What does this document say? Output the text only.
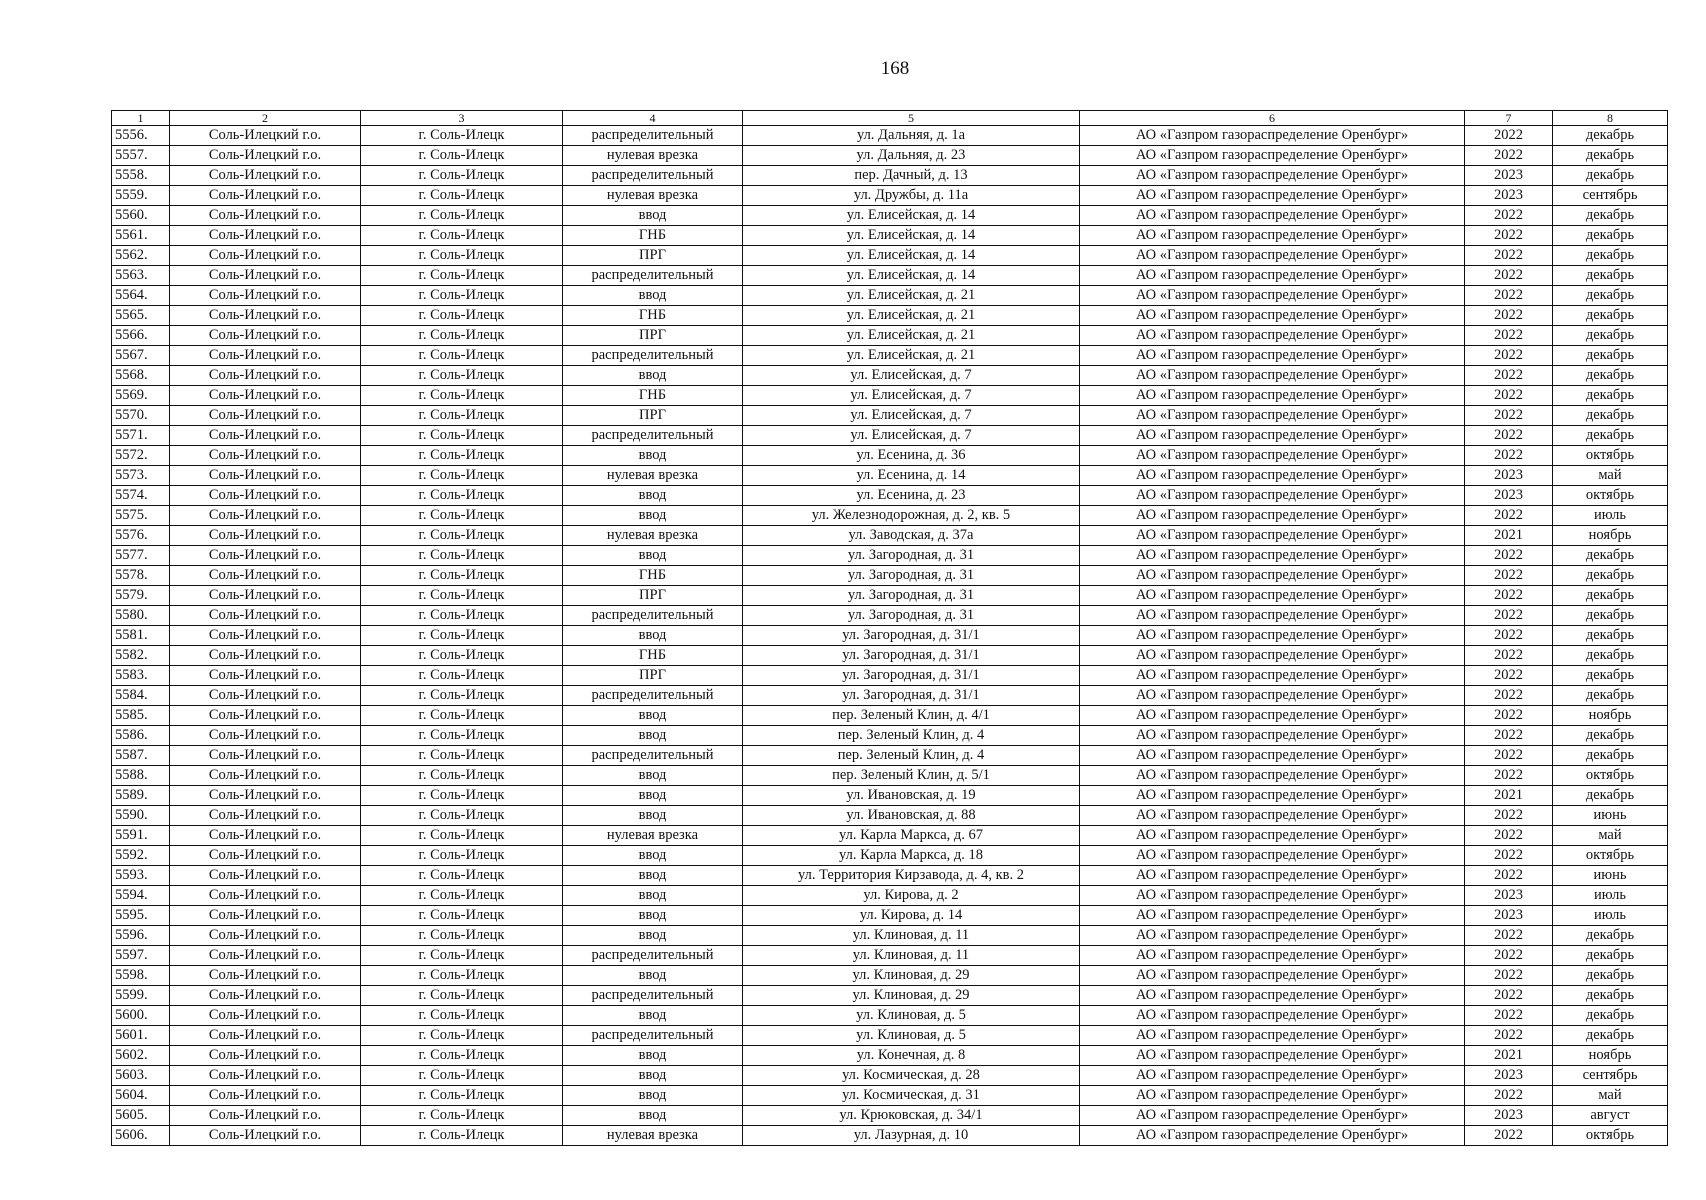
168
1	2	3	4	5	6	7	8
5556.	Соль-Илецкий г.о.	г. Соль-Илецк	распределительный	ул. Дальняя, д. 1а	АО «Газпром газораспределение Оренбург»	2022	декабрь
5557.	Соль-Илецкий г.о.	г. Соль-Илецк	нулевая врезка	ул. Дальняя, д. 23	АО «Газпром газораспределение Оренбург»	2022	декабрь
5558.	Соль-Илецкий г.о.	г. Соль-Илецк	распределительный	пер. Дачный, д. 13	АО «Газпром газораспределение Оренбург»	2023	декабрь
5559.	Соль-Илецкий г.о.	г. Соль-Илецк	нулевая врезка	ул. Дружбы, д. 11а	АО «Газпром газораспределение Оренбург»	2023	сентябрь
5560.	Соль-Илецкий г.о.	г. Соль-Илецк	ввод	ул. Елисейская, д. 14	АО «Газпром газораспределение Оренбург»	2022	декабрь
5561.	Соль-Илецкий г.о.	г. Соль-Илецк	ГНБ	ул. Елисейская, д. 14	АО «Газпром газораспределение Оренбург»	2022	декабрь
5562.	Соль-Илецкий г.о.	г. Соль-Илецк	ПРГ	ул. Елисейская, д. 14	АО «Газпром газораспределение Оренбург»	2022	декабрь
5563.	Соль-Илецкий г.о.	г. Соль-Илецк	распределительный	ул. Елисейская, д. 14	АО «Газпром газораспределение Оренбург»	2022	декабрь
5564.	Соль-Илецкий г.о.	г. Соль-Илецк	ввод	ул. Елисейская, д. 21	АО «Газпром газораспределение Оренбург»	2022	декабрь
5565.	Соль-Илецкий г.о.	г. Соль-Илецк	ГНБ	ул. Елисейская, д. 21	АО «Газпром газораспределение Оренбург»	2022	декабрь
5566.	Соль-Илецкий г.о.	г. Соль-Илецк	ПРГ	ул. Елисейская, д. 21	АО «Газпром газораспределение Оренбург»	2022	декабрь
5567.	Соль-Илецкий г.о.	г. Соль-Илецк	распределительный	ул. Елисейская, д. 21	АО «Газпром газораспределение Оренбург»	2022	декабрь
5568.	Соль-Илецкий г.о.	г. Соль-Илецк	ввод	ул. Елисейская, д. 7	АО «Газпром газораспределение Оренбург»	2022	декабрь
5569.	Соль-Илецкий г.о.	г. Соль-Илецк	ГНБ	ул. Елисейская, д. 7	АО «Газпром газораспределение Оренбург»	2022	декабрь
5570.	Соль-Илецкий г.о.	г. Соль-Илецк	ПРГ	ул. Елисейская, д. 7	АО «Газпром газораспределение Оренбург»	2022	декабрь
5571.	Соль-Илецкий г.о.	г. Соль-Илецк	распределительный	ул. Елисейская, д. 7	АО «Газпром газораспределение Оренбург»	2022	декабрь
5572.	Соль-Илецкий г.о.	г. Соль-Илецк	ввод	ул. Есенина, д. 36	АО «Газпром газораспределение Оренбург»	2022	октябрь
5573.	Соль-Илецкий г.о.	г. Соль-Илецк	нулевая врезка	ул. Есенина, д. 14	АО «Газпром газораспределение Оренбург»	2023	май
5574.	Соль-Илецкий г.о.	г. Соль-Илецк	ввод	ул. Есенина, д. 23	АО «Газпром газораспределение Оренбург»	2023	октябрь
5575.	Соль-Илецкий г.о.	г. Соль-Илецк	ввод	ул. Железнодорожная, д. 2, кв. 5	АО «Газпром газораспределение Оренбург»	2022	июль
5576.	Соль-Илецкий г.о.	г. Соль-Илецк	нулевая врезка	ул. Заводская, д. 37а	АО «Газпром газораспределение Оренбург»	2021	ноябрь
5577.	Соль-Илецкий г.о.	г. Соль-Илецк	ввод	ул. Загородная, д. 31	АО «Газпром газораспределение Оренбург»	2022	декабрь
5578.	Соль-Илецкий г.о.	г. Соль-Илецк	ГНБ	ул. Загородная, д. 31	АО «Газпром газораспределение Оренбург»	2022	декабрь
5579.	Соль-Илецкий г.о.	г. Соль-Илецк	ПРГ	ул. Загородная, д. 31	АО «Газпром газораспределение Оренбург»	2022	декабрь
5580.	Соль-Илецкий г.о.	г. Соль-Илецк	распределительный	ул. Загородная, д. 31	АО «Газпром газораспределение Оренбург»	2022	декабрь
5581.	Соль-Илецкий г.о.	г. Соль-Илецк	ввод	ул. Загородная, д. 31/1	АО «Газпром газораспределение Оренбург»	2022	декабрь
5582.	Соль-Илецкий г.о.	г. Соль-Илецк	ГНБ	ул. Загородная, д. 31/1	АО «Газпром газораспределение Оренбург»	2022	декабрь
5583.	Соль-Илецкий г.о.	г. Соль-Илецк	ПРГ	ул. Загородная, д. 31/1	АО «Газпром газораспределение Оренбург»	2022	декабрь
5584.	Соль-Илецкий г.о.	г. Соль-Илецк	распределительный	ул. Загородная, д. 31/1	АО «Газпром газораспределение Оренбург»	2022	декабрь
5585.	Соль-Илецкий г.о.	г. Соль-Илецк	ввод	пер. Зеленый Клин, д. 4/1	АО «Газпром газораспределение Оренбург»	2022	ноябрь
5586.	Соль-Илецкий г.о.	г. Соль-Илецк	ввод	пер. Зеленый Клин, д. 4	АО «Газпром газораспределение Оренбург»	2022	декабрь
5587.	Соль-Илецкий г.о.	г. Соль-Илецк	распределительный	пер. Зеленый Клин, д. 4	АО «Газпром газораспределение Оренбург»	2022	декабрь
5588.	Соль-Илецкий г.о.	г. Соль-Илецк	ввод	пер. Зеленый Клин, д. 5/1	АО «Газпром газораспределение Оренбург»	2022	октябрь
5589.	Соль-Илецкий г.о.	г. Соль-Илецк	ввод	ул. Ивановская, д. 19	АО «Газпром газораспределение Оренбург»	2021	декабрь
5590.	Соль-Илецкий г.о.	г. Соль-Илецк	ввод	ул. Ивановская, д. 88	АО «Газпром газораспределение Оренбург»	2022	июнь
5591.	Соль-Илецкий г.о.	г. Соль-Илецк	нулевая врезка	ул. Карла Маркса, д. 67	АО «Газпром газораспределение Оренбург»	2022	май
5592.	Соль-Илецкий г.о.	г. Соль-Илецк	ввод	ул. Карла Маркса, д. 18	АО «Газпром газораспределение Оренбург»	2022	октябрь
5593.	Соль-Илецкий г.о.	г. Соль-Илецк	ввод	ул. Территория Кирзавода, д. 4, кв. 2	АО «Газпром газораспределение Оренбург»	2022	июнь
5594.	Соль-Илецкий г.о.	г. Соль-Илецк	ввод	ул. Кирова, д. 2	АО «Газпром газораспределение Оренбург»	2023	июль
5595.	Соль-Илецкий г.о.	г. Соль-Илецк	ввод	ул. Кирова, д. 14	АО «Газпром газораспределение Оренбург»	2023	июль
5596.	Соль-Илецкий г.о.	г. Соль-Илецк	ввод	ул. Клиновая, д. 11	АО «Газпром газораспределение Оренбург»	2022	декабрь
5597.	Соль-Илецкий г.о.	г. Соль-Илецк	распределительный	ул. Клиновая, д. 11	АО «Газпром газораспределение Оренбург»	2022	декабрь
5598.	Соль-Илецкий г.о.	г. Соль-Илецк	ввод	ул. Клиновая, д. 29	АО «Газпром газораспределение Оренбург»	2022	декабрь
5599.	Соль-Илецкий г.о.	г. Соль-Илецк	распределительный	ул. Клиновая, д. 29	АО «Газпром газораспределение Оренбург»	2022	декабрь
5600.	Соль-Илецкий г.о.	г. Соль-Илецк	ввод	ул. Клиновая, д. 5	АО «Газпром газораспределение Оренбург»	2022	декабрь
5601.	Соль-Илецкий г.о.	г. Соль-Илецк	распределительный	ул. Клиновая, д. 5	АО «Газпром газораспределение Оренбург»	2022	декабрь
5602.	Соль-Илецкий г.о.	г. Соль-Илецк	ввод	ул. Конечная, д. 8	АО «Газпром газораспределение Оренбург»	2021	ноябрь
5603.	Соль-Илецкий г.о.	г. Соль-Илецк	ввод	ул. Космическая, д. 28	АО «Газпром газораспределение Оренбург»	2023	сентябрь
5604.	Соль-Илецкий г.о.	г. Соль-Илецк	ввод	ул. Космическая, д. 31	АО «Газпром газораспределение Оренбург»	2022	май
5605.	Соль-Илецкий г.о.	г. Соль-Илецк	ввод	ул. Крюковская, д. 34/1	АО «Газпром газораспределение Оренбург»	2023	август
5606.	Соль-Илецкий г.о.	г. Соль-Илецк	нулевая врезка	ул. Лазурная, д. 10	АО «Газпром газораспределение Оренбург»	2022	октябрь
